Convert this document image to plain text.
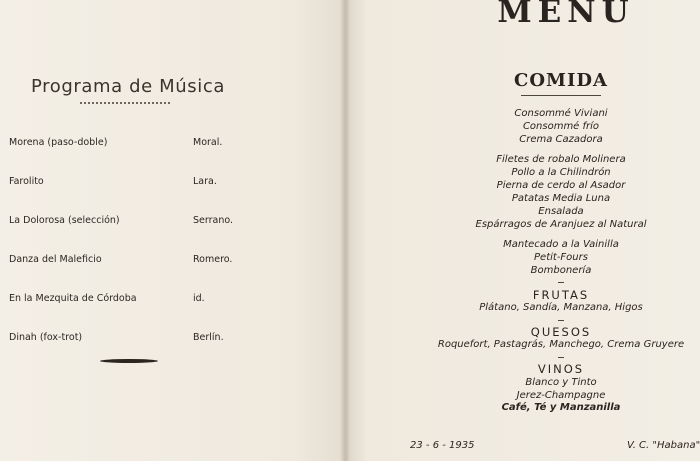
Programa de Música
Morena (paso-doble)	Moral.
Farolito	Lara.
La Dolorosa (selección)	Serrano.
Danza del Maleficio	Romero.
En la Mezquita de Córdoba	id.
Dinah (fox-trot)	Berlín.
MENU
COMIDA
Consommé Viviani
Consommé frío
Crema Cazadora
Filetes de robalo Molinera
Pollo a la Chilindrón
Pierna de cerdo al Asador
Patatas Media Luna
Ensalada
Espárragos de Aranjuez al Natural
Mantecado a la Vainilla
Petit-Fours
Bombonería
FRUTAS
Plátano, Sandía, Manzana, Higos
QUESOS
Roquefort, Pastagrás, Manchego, Crema Gruyere
VINOS
Blanco y Tinto
Jerez-Champagne
Café, Té y Manzanilla
23 - 6 - 1935	V. C. "Habana"
